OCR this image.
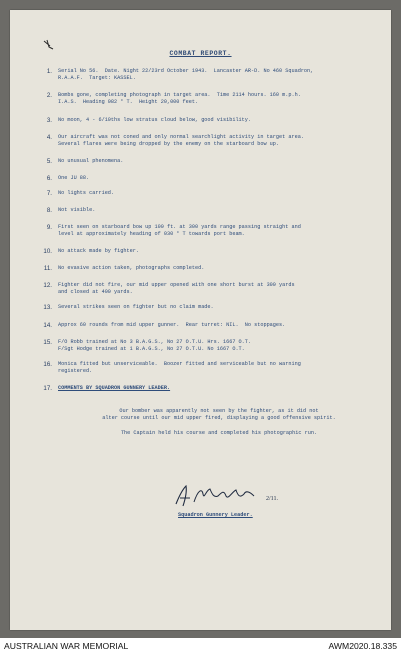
COMBAT REPORT.
1. Serial No 56.  Date. Night 22/23rd October 1943.  Lancaster AR-D. No 460 Squadron,
R.A.A.F.  Target: KASSEL.
2. Bombs gone, completing photograph in target area.  Time 2114 hours. 160 m.p.h.
I.A.S.  Heading 082 ° T.  Height 20,000 feet.
3. No moon, 4 - 6/10ths low stratus cloud below, good visibility.
4. Our aircraft was not coned and only normal searchlight activity in target area.
Several flares were being dropped by the enemy on the starboard bow up.
5. No unusual phenomena.
6. One JU 88.
7. No lights carried.
8. Not visible.
9. First seen on starboard bow up 100 ft. at 300 yards range passing straight and
level at approximately heading of 030 ° T towards port beam.
10. No attack made by fighter.
11. No evasive action taken, photographs completed.
12. Fighter did not fire, our mid upper opened with one short burst at 300 yards
and closed at 400 yards.
13. Several strikes seen on fighter but no claim made.
14. Approx 60 rounds from mid upper gunner.  Rear turret: NIL.  No stoppages.
15. F/O Robb trained at No 3 B.A.G.S., No 27 O.T.U. Hrs. 1667 O.T.
F/Sgt Hodge trained at 1 B.A.G.S., No 27 O.T.U. No 1667 O.T.
16. Monica fitted but unserviceable.  Boozer fitted and serviceable but no warning
registered.
17. COMMENTS BY SQUADRON GUNNERY LEADER.
Our bomber was apparently not seen by the fighter, as it did not
alter course until our mid upper fired, displaying a good offensive spirit.
The Captain held his course and completed his photographic run.
2/11.
Squadron Gunnery Leader.
AUSTRALIAN WAR MEMORIAL	AWM2020.18.335
